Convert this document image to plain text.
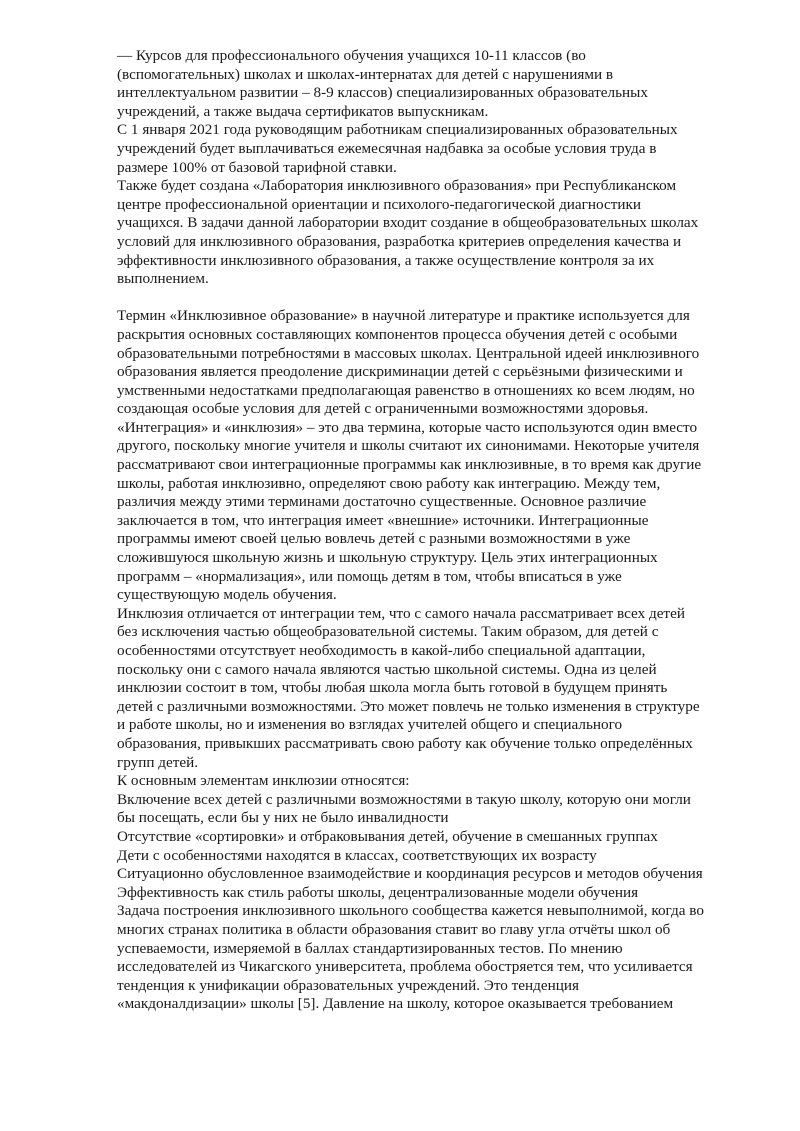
— Курсов для профессионального обучения учащихся 10-11 классов (во
(вспомогательных) школах и школах-интернатах для детей с нарушениями в
интеллектуальном развитии – 8-9 классов) специализированных образовательных
учреждений, а также выдача сертификатов выпускникам.
С 1 января 2021 года руководящим работникам специализированных образовательных
учреждений будет выплачиваться ежемесячная надбавка за особые условия труда в
размере 100% от базовой тарифной ставки.
Также будет создана «Лаборатория инклюзивного образования» при Республиканском
центре профессиональной ориентации и психолого-педагогической диагностики
учащихся. В задачи данной лаборатории входит создание в общеобразовательных школах
условий для инклюзивного образования, разработка критериев определения качества и
эффективности инклюзивного образования, а также осуществление контроля за их
выполнением.
Термин «Инклюзивное образование» в научной литературе и практике используется для
раскрытия основных составляющих компонентов процесса обучения детей с особыми
образовательными потребностями в массовых школах. Центральной идеей инклюзивного
образования является преодоление дискриминации детей с серьёзными физическими и
умственными недостатками предполагающая равенство в отношениях ко всем людям, но
создающая особые условия для детей с ограниченными возможностями здоровья.
«Интеграция» и «инклюзия» – это два термина, которые часто используются один вместо
другого, поскольку многие учителя и школы считают их синонимами. Некоторые учителя
рассматривают свои интеграционные программы как инклюзивные, в то время как другие
школы, работая инклюзивно, определяют свою работу как интеграцию. Между тем,
различия между этими терминами достаточно существенные. Основное различие
заключается в том, что интеграция имеет «внешние» источники. Интеграционные
программы имеют своей целью вовлечь детей с разными возможностями в уже
сложившуюся школьную жизнь и школьную структуру. Цель этих интеграционных
программ – «нормализация», или помощь детям в том, чтобы вписаться в уже
существующую модель обучения.
Инклюзия отличается от интеграции тем, что с самого начала рассматривает всех детей
без исключения частью общеобразовательной системы. Таким образом, для детей с
особенностями отсутствует необходимость в какой-либо специальной адаптации,
поскольку они с самого начала являются частью школьной системы. Одна из целей
инклюзии состоит в том, чтобы любая школа могла быть готовой в будущем принять
детей с различными возможностями. Это может повлечь не только изменения в структуре
и работе школы, но и изменения во взглядах учителей общего и специального
образования, привыкших рассматривать свою работу как обучение только определённых
групп детей.
К основным элементам инклюзии относятся:
Включение всех детей с различными возможностями в такую школу, которую они могли
бы посещать, если бы у них не было инвалидности
Отсутствие «сортировки» и отбраковывания детей, обучение в смешанных группах
Дети с особенностями находятся в классах, соответствующих их возрасту
Ситуационно обусловленное взаимодействие и координация ресурсов и методов обучения
Эффективность как стиль работы школы, децентрализованные модели обучения
Задача построения инклюзивного школьного сообщества кажется невыполнимой, когда во
многих странах политика в области образования ставит во главу угла отчёты школ об
успеваемости, измеряемой в баллах стандартизированных тестов. По мнению
исследователей из Чикагского университета, проблема обостряется тем, что усиливается
тенденция к унификации образовательных учреждений. Это тенденция
«макдоналдизации» школы [5]. Давление на школу, которое оказывается требованием
